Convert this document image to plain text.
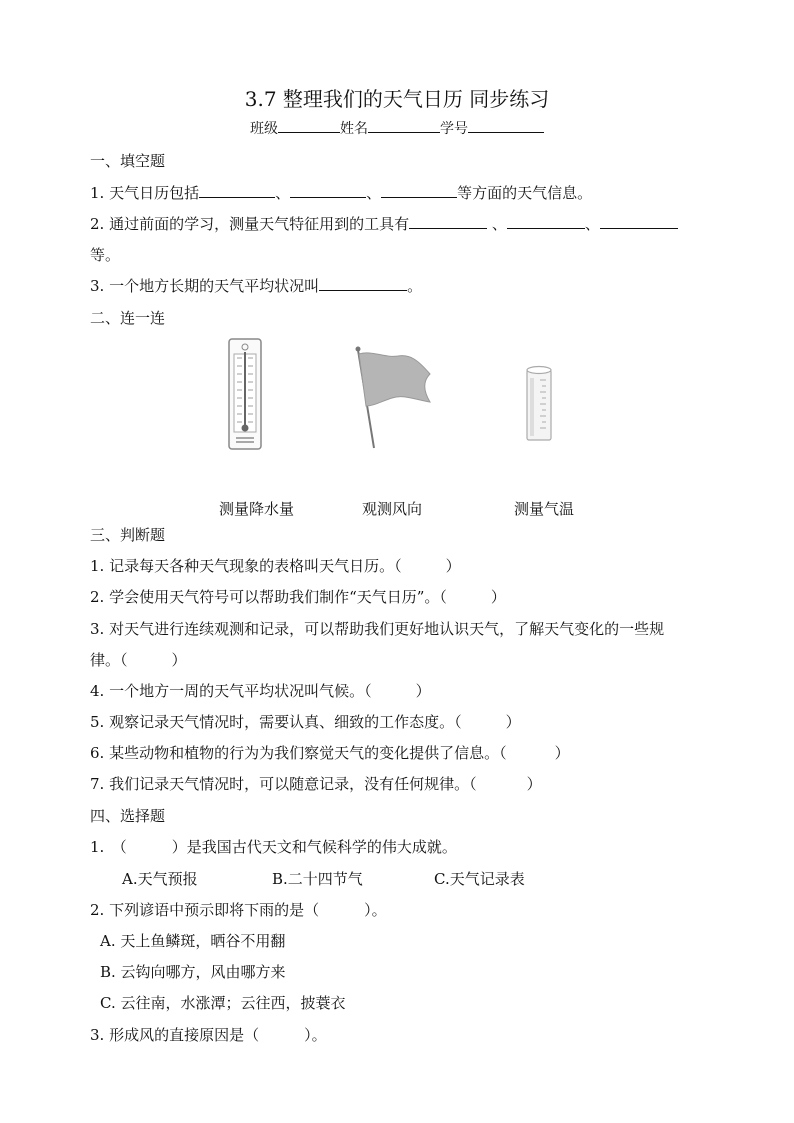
3.7 整理我们的天气日历 同步练习
班级	姓名	学号
一、填空题
1. 天气日历包括	、	、	等方面的天气信息。
2. 通过前面的学习，测量天气特征用到的工具有	、	、
等。
3. 一个地方长期的天气平均状况叫	。
二、连一连
测量降水量	观测风向	测量气温
三、判断题
1. 记录每天各种天气现象的表格叫天气日历。（	）
2. 学会使用天气符号可以帮助我们制作“天气日历”。（	）
3. 对天气进行连续观测和记录，可以帮助我们更好地认识天气，了解天气变化的一些规
律。（	）
4. 一个地方一周的天气平均状况叫气候。（	）
5. 观察记录天气情况时，需要认真、细致的工作态度。（	）
6. 某些动物和植物的行为为我们察觉天气的变化提供了信息。（	）
7. 我们记录天气情况时，可以随意记录，没有任何规律。（	）
四、选择题
1.　（　　　）是我国古代天文和气候科学的伟大成就。
A.天气预报	B.二十四节气	C.天气记录表
2. 下列谚语中预示即将下雨的是（　　　）。
A. 天上鱼鳞斑，晒谷不用翻
B. 云钩向哪方，风由哪方来
C. 云往南，水涨潭；云往西，披蓑衣
3. 形成风的直接原因是（　　　）。
